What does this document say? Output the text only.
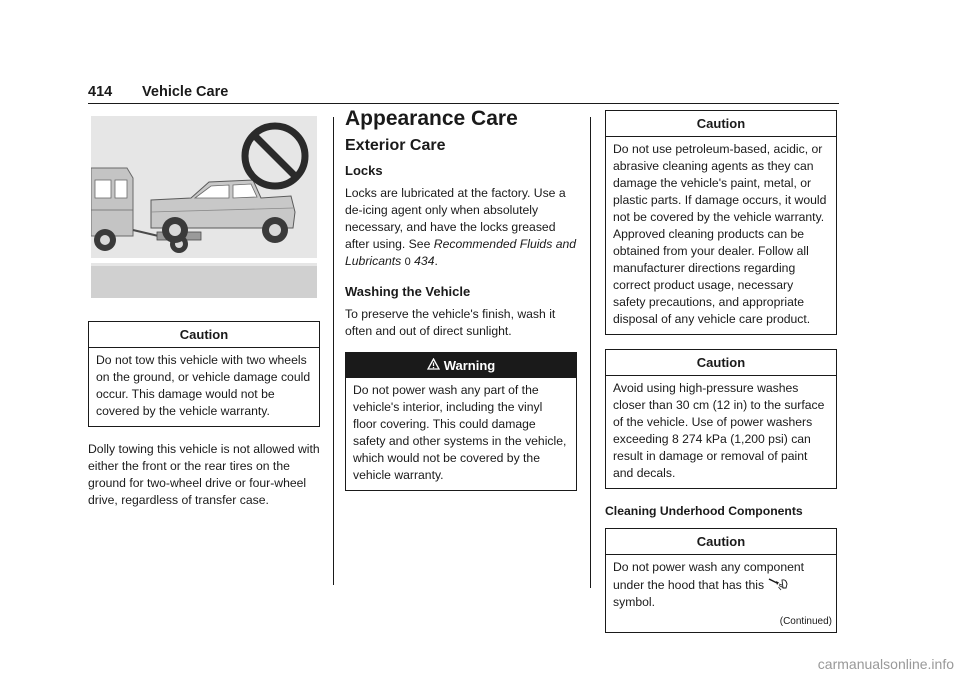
414 Vehicle Care
Caution
Do not tow this vehicle with two wheels on the ground, or vehicle damage could occur. This damage would not be covered by the vehicle warranty.

Dolly towing this vehicle is not allowed with either the front or the rear tires on the ground for two-wheel drive or four-wheel drive, regardless of transfer case.

Appearance Care
Exterior Care
Locks

Locks are lubricated at the factory. Use a de-icing agent only when absolutely necessary, and have the locks greased after using. See Recommended Fluids and Lubricants 0 434.

Washing the Vehicle

To preserve the vehicle's finish, wash it often and out of direct sunlight.

Warning
Do not power wash any part of the vehicle's interior, including the vinyl floor covering. This could damage safety and other systems in the vehicle, which would not be covered by the vehicle warranty.
Caution
Do not use petroleum-based, acidic, or abrasive cleaning agents as they can damage the vehicle's paint, metal, or plastic parts. If damage occurs, it would not be covered by the vehicle warranty. Approved cleaning products can be obtained from your dealer. Follow all manufacturer directions regarding correct product usage, necessary safety precautions, and appropriate disposal of any vehicle care product.
Caution
Avoid using high-pressure washes closer than 30 cm (12 in) to the surface of the vehicle. Use of power washers exceeding 8 274 kPa (1,200 psi) can result in damage or removal of paint and decals.
Cleaning Underhood Components
Caution
Do not power wash any component under the hood that has this  symbol.
(Continued)
carmanualsonline.info
